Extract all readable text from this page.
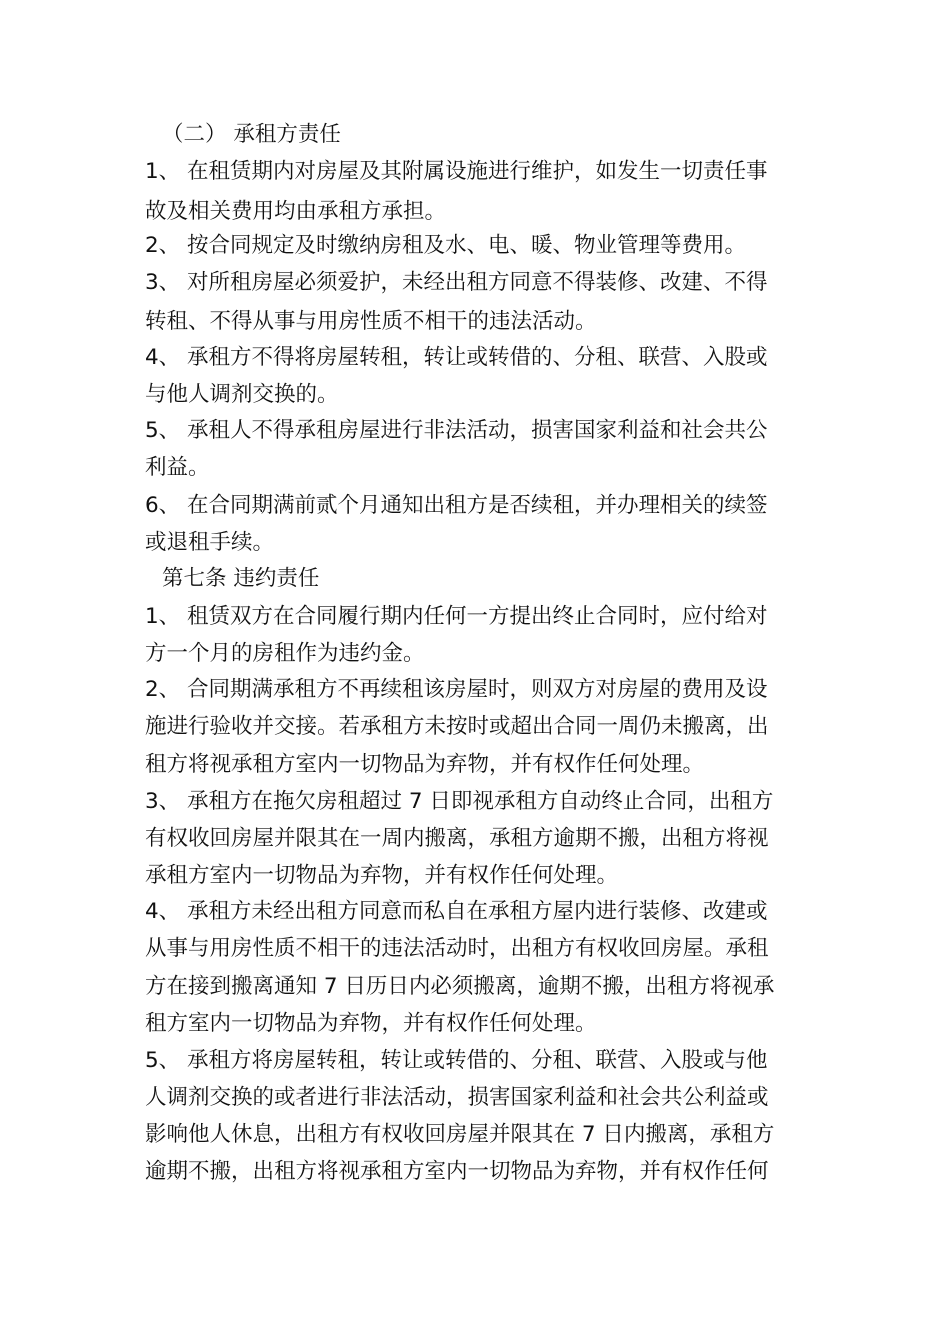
（二） 承租方责任
1、 在租赁期内对房屋及其附属设施进行维护，如发生一切责任事
故及相关费用均由承租方承担。
2、 按合同规定及时缴纳房租及水、电、暖、物业管理等费用。
3、 对所租房屋必须爱护，未经出租方同意不得装修、改建、不得
转租、不得从事与用房性质不相干的违法活动。
4、 承租方不得将房屋转租，转让或转借的、分租、联营、入股或
与他人调剂交换的。
5、 承租人不得承租房屋进行非法活动，损害国家利益和社会共公
利益。
6、 在合同期满前贰个月通知出租方是否续租，并办理相关的续签
或退租手续。
第七条 违约责任
1、 租赁双方在合同履行期内任何一方提出终止合同时，应付给对
方一个月的房租作为违约金。
2、 合同期满承租方不再续租该房屋时，则双方对房屋的费用及设
施进行验收并交接。若承租方未按时或超出合同一周仍未搬离，出
租方将视承租方室内一切物品为弃物，并有权作任何处理。
3、 承租方在拖欠房租超过 7 日即视承租方自动终止合同，出租方
有权收回房屋并限其在一周内搬离，承租方逾期不搬，出租方将视
承租方室内一切物品为弃物，并有权作任何处理。
4、 承租方未经出租方同意而私自在承租方屋内进行装修、改建或
从事与用房性质不相干的违法活动时，出租方有权收回房屋。承租
方在接到搬离通知 7 日历日内必须搬离，逾期不搬，出租方将视承
租方室内一切物品为弃物，并有权作任何处理。
5、 承租方将房屋转租，转让或转借的、分租、联营、入股或与他
人调剂交换的或者进行非法活动，损害国家利益和社会共公利益或
影响他人休息，出租方有权收回房屋并限其在 7 日内搬离，承租方
逾期不搬，出租方将视承租方室内一切物品为弃物，并有权作任何
